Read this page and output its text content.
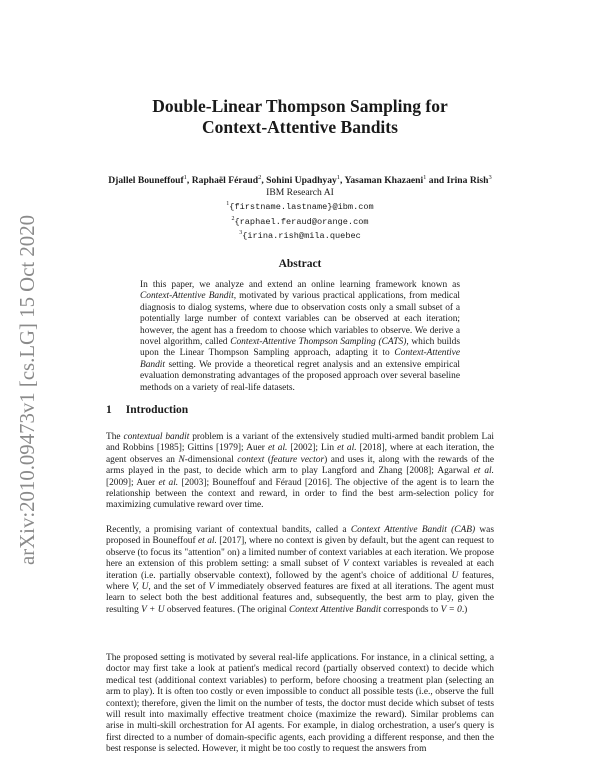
arXiv:2010.09473v1 [cs.LG] 15 Oct 2020
Double-Linear Thompson Sampling for
Context-Attentive Bandits
Djallel Bouneffouf$^1$, Raphaël Féraud$^2$, Sohini Upadhyay$^1$, Yasaman Khazaeni$^1$ and Irina Rish$^3$
IBM Research AI
$^1${firstname.lastname}@ibm.com
$^2${raphael.feraud@orange.com
$^3${irina.rish@mila.quebec
Abstract

In this paper, we analyze and extend an online learning framework known as Context-Attentive Bandit, motivated by various practical applications, from medical diagnosis to dialog systems, where due to observation costs only a small subset of a potentially large number of context variables can be observed at each iteration; however, the agent has a freedom to choose which variables to observe. We derive a novel algorithm, called Context-Attentive Thompson Sampling (CATS), which builds upon the Linear Thompson Sampling approach, adapting it to Context-Attentive Bandit setting. We provide a theoretical regret analysis and an extensive empirical evaluation demonstrating advantages of the proposed approach over several baseline methods on a variety of real-life datasets.

1 Introduction

The contextual bandit problem is a variant of the extensively studied multi-armed bandit problem Lai and Robbins [1985]; Gittins [1979]; Auer et al. [2002]; Lin et al. [2018], where at each iteration, the agent observes an N-dimensional context (feature vector) and uses it, along with the rewards of the arms played in the past, to decide which arm to play Langford and Zhang [2008]; Agarwal et al. [2009]; Auer et al. [2003]; Bouneffouf and Féraud [2016]. The objective of the agent is to learn the relationship between the context and reward, in order to find the best arm-selection policy for maximizing cumulative reward over time.

Recently, a promising variant of contextual bandits, called a Context Attentive Bandit (CAB) was proposed in Bouneffouf et al. [2017], where no context is given by default, but the agent can request to observe (to focus its "attention" on) a limited number of context variables at each iteration. We propose here an extension of this problem setting: a small subset of V context variables is revealed at each iteration (i.e. partially observable context), followed by the agent's choice of additional U features, where V, U, and the set of V immediately observed features are fixed at all iterations. The agent must learn to select both the best additional features and, subsequently, the best arm to play, given the resulting V + U observed features. (The original Context Attentive Bandit corresponds to V = 0.)

The proposed setting is motivated by several real-life applications. For instance, in a clinical setting, a doctor may first take a look at patient's medical record (partially observed context) to decide which medical test (additional context variables) to perform, before choosing a treatment plan (selecting an arm to play). It is often too costly or even impossible to conduct all possible tests (i.e., observe the full context); therefore, given the limit on the number of tests, the doctor must decide which subset of tests will result into maximally effective treatment choice (maximize the reward). Similar problems can arise in multi-skill orchestration for AI agents. For example, in dialog orchestration, a user's query is first directed to a number of domain-specific agents, each providing a different response, and then the best response is selected. However, it might be too costly to request the answers from
